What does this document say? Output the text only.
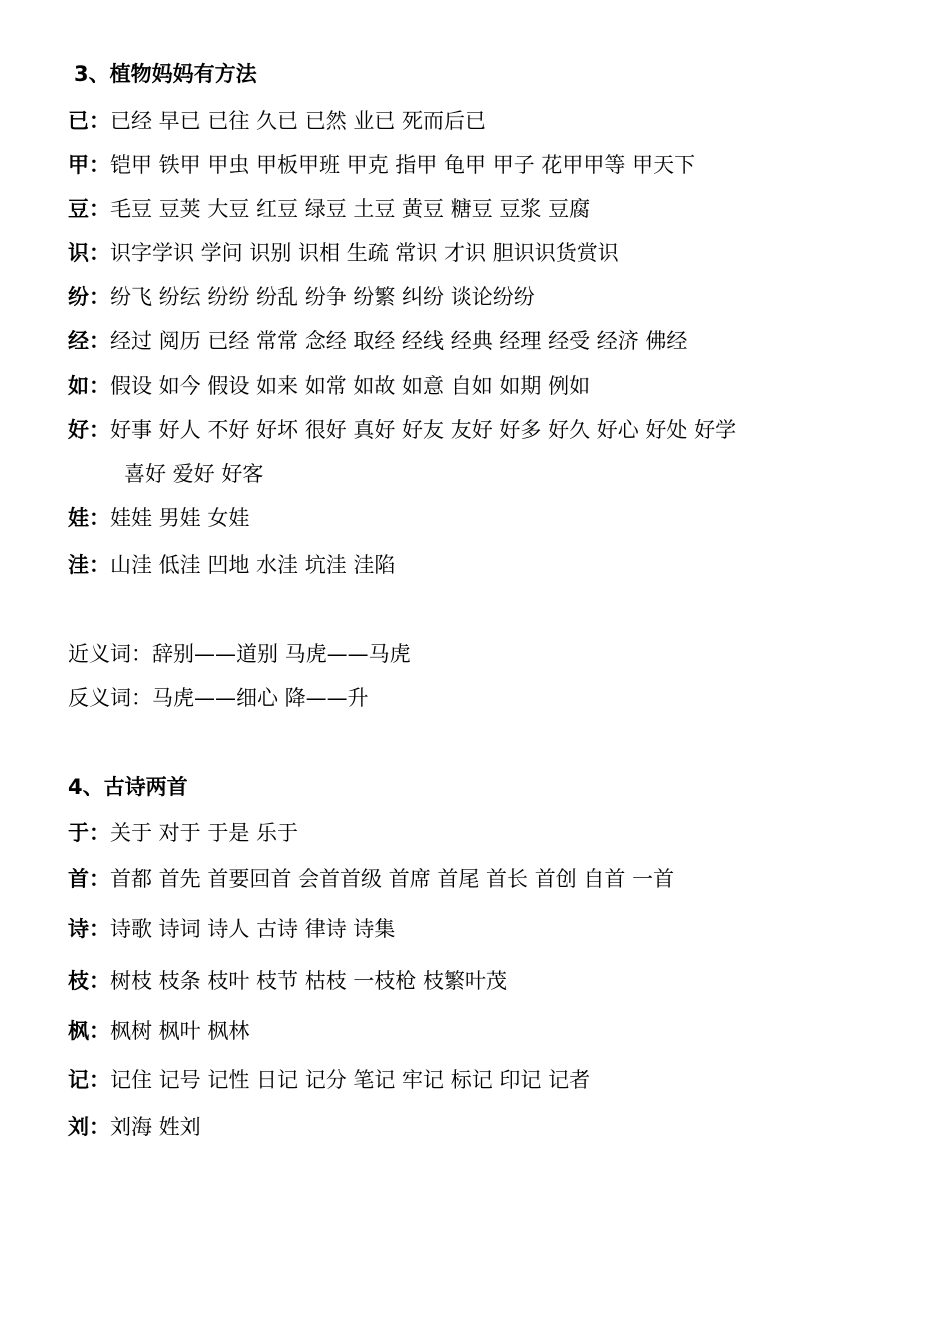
3、植物妈妈有方法
已：已经 早已 已往 久已 已然 业已 死而后已
甲：铠甲 铁甲 甲虫 甲板甲班 甲克 指甲 龟甲 甲子 花甲甲等 甲天下
豆：毛豆 豆荚 大豆 红豆 绿豆 土豆 黄豆 糖豆 豆浆 豆腐
识：识字学识 学问 识别 识相 生疏 常识 才识 胆识识货赏识
纷：纷飞 纷纭 纷纷 纷乱 纷争 纷繁 纠纷 谈论纷纷
经：经过 阅历 已经 常常 念经 取经 经线 经典 经理 经受 经济 佛经
如：假设 如今 假设 如来 如常 如故 如意 自如 如期 例如
好：好事 好人 不好 好坏 很好 真好 好友 友好 好多 好久 好心 好处 好学
喜好 爱好 好客
娃：娃娃 男娃 女娃
洼：山洼 低洼 凹地 水洼 坑洼 洼陷
近义词：辞别——道别 马虎——马虎
反义词：马虎——细心 降——升
4、古诗两首
于：关于 对于 于是 乐于
首：首都 首先 首要回首 会首首级 首席 首尾 首长 首创 自首 一首
诗：诗歌 诗词 诗人 古诗 律诗 诗集
枝：树枝 枝条 枝叶 枝节 枯枝 一枝枪 枝繁叶茂
枫：枫树 枫叶 枫林
记：记住 记号 记性 日记 记分 笔记 牢记 标记 印记 记者
刘：刘海 姓刘
